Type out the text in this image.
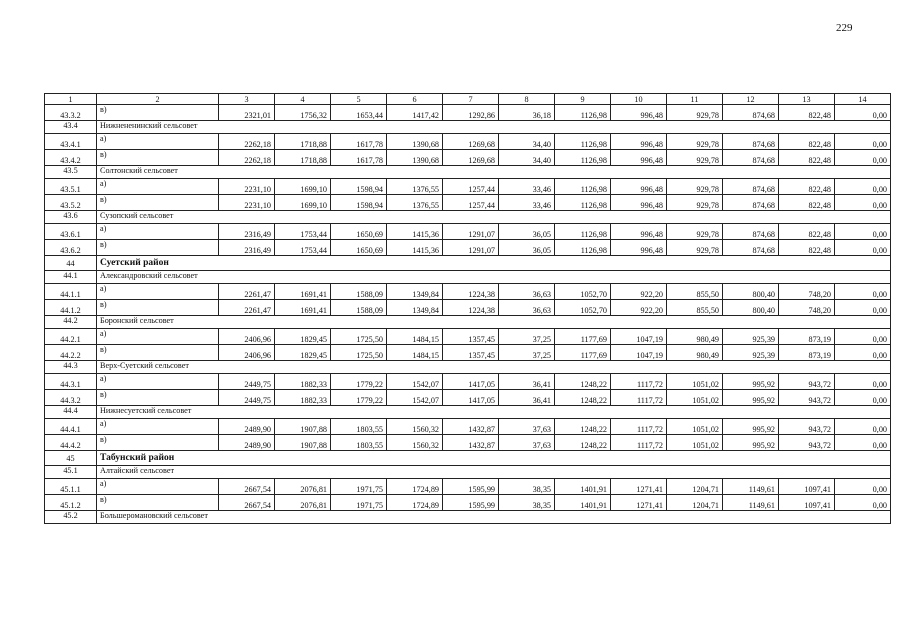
229
1	2	3	4	5	6	7	8	9	10	11	12	13	14
43.3.2	в)	2321,01	1756,32	1653,44	1417,42	1292,86	36,18	1126,98	996,48	929,78	874,68	822,48	0,00
43.4	Нижнененинский сельсовет												
43.4.1	а)	2262,18	1718,88	1617,78	1390,68	1269,68	34,40	1126,98	996,48	929,78	874,68	822,48	0,00
43.4.2	в)	2262,18	1718,88	1617,78	1390,68	1269,68	34,40	1126,98	996,48	929,78	874,68	822,48	0,00
43.5	Солтонский сельсовет												
43.5.1	а)	2231,10	1699,10	1598,94	1376,55	1257,44	33,46	1126,98	996,48	929,78	874,68	822,48	0,00
43.5.2	в)	2231,10	1699,10	1598,94	1376,55	1257,44	33,46	1126,98	996,48	929,78	874,68	822,48	0,00
43.6	Сузопский сельсовет												
43.6.1	а)	2316,49	1753,44	1650,69	1415,36	1291,07	36,05	1126,98	996,48	929,78	874,68	822,48	0,00
43.6.2	в)	2316,49	1753,44	1650,69	1415,36	1291,07	36,05	1126,98	996,48	929,78	874,68	822,48	0,00
44	Суетский район												
44.1	Александровский сельсовет												
44.1.1	а)	2261,47	1691,41	1588,09	1349,84	1224,38	36,63	1052,70	922,20	855,50	800,40	748,20	0,00
44.1.2	в)	2261,47	1691,41	1588,09	1349,84	1224,38	36,63	1052,70	922,20	855,50	800,40	748,20	0,00
44.2	Боронский сельсовет												
44.2.1	а)	2406,96	1829,45	1725,50	1484,15	1357,45	37,25	1177,69	1047,19	980,49	925,39	873,19	0,00
44.2.2	в)	2406,96	1829,45	1725,50	1484,15	1357,45	37,25	1177,69	1047,19	980,49	925,39	873,19	0,00
44.3	Верх-Суетский сельсовет												
44.3.1	а)	2449,75	1882,33	1779,22	1542,07	1417,05	36,41	1248,22	1117,72	1051,02	995,92	943,72	0,00
44.3.2	в)	2449,75	1882,33	1779,22	1542,07	1417,05	36,41	1248,22	1117,72	1051,02	995,92	943,72	0,00
44.4	Нижнесуетский сельсовет												
44.4.1	а)	2489,90	1907,88	1803,55	1560,32	1432,87	37,63	1248,22	1117,72	1051,02	995,92	943,72	0,00
44.4.2	в)	2489,90	1907,88	1803,55	1560,32	1432,87	37,63	1248,22	1117,72	1051,02	995,92	943,72	0,00
45	Табунский район												
45.1	Алтайский сельсовет												
45.1.1	а)	2667,54	2076,81	1971,75	1724,89	1595,99	38,35	1401,91	1271,41	1204,71	1149,61	1097,41	0,00
45.1.2	в)	2667,54	2076,81	1971,75	1724,89	1595,99	38,35	1401,91	1271,41	1204,71	1149,61	1097,41	0,00
45.2	Большеромановский сельсовет												
